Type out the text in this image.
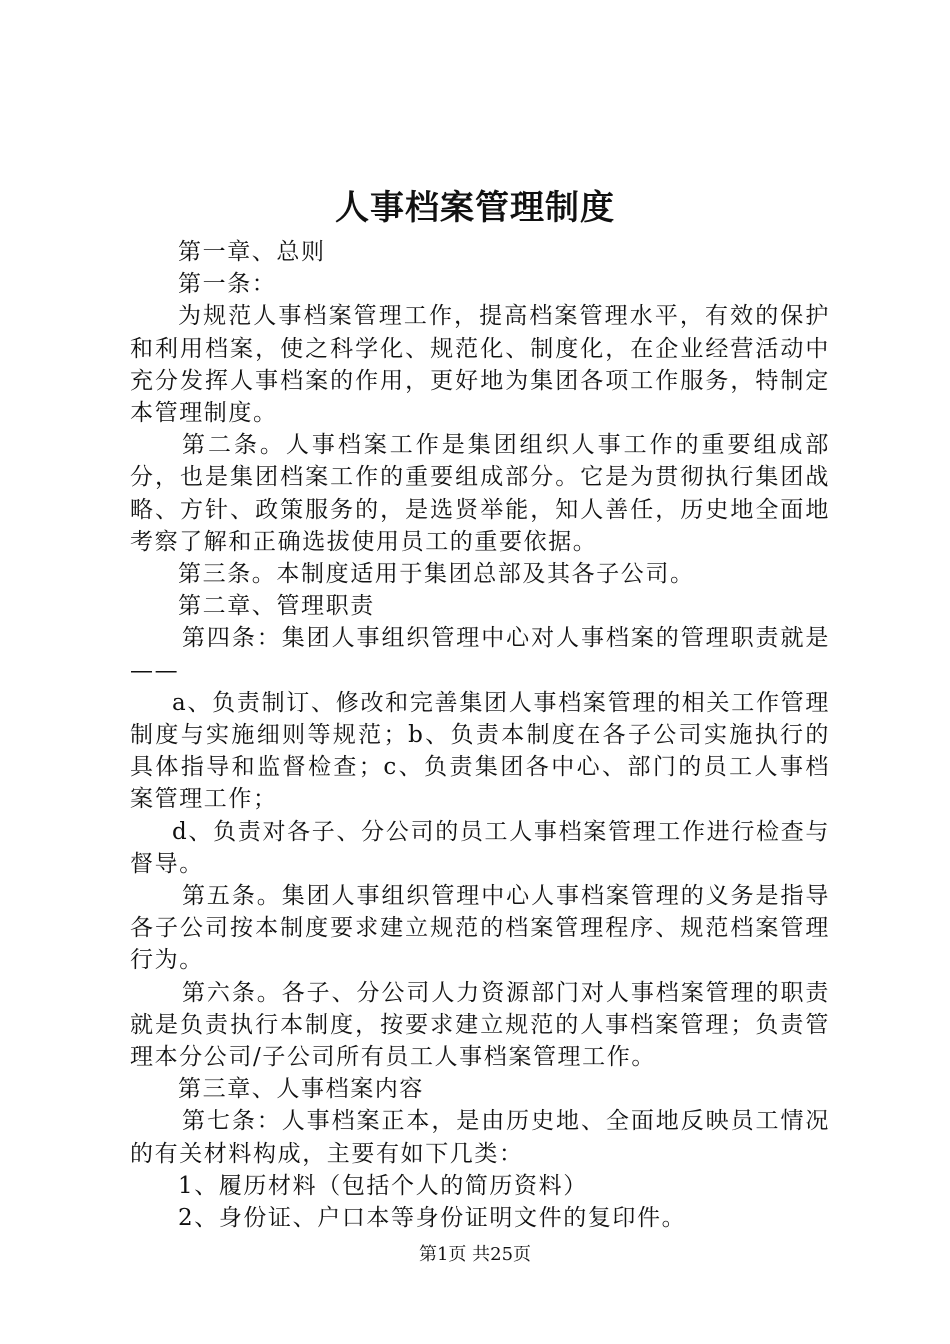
人事档案管理制度

第一章、总则

第一条：

为规范人事档案管理工作，提高档案管理水平，有效的保护和利用档案，使之科学化、规范化、制度化，在企业经营活动中充分发挥人事档案的作用，更好地为集团各项工作服务，特制定本管理制度。

第二条。人事档案工作是集团组织人事工作的重要组成部分，也是集团档案工作的重要组成部分。它是为贯彻执行集团战略、方针、政策服务的，是选贤举能，知人善任，历史地全面地考察了解和正确选拔使用员工的重要依据。

第三条。本制度适用于集团总部及其各子公司。

第二章、管理职责

第四条：集团人事组织管理中心对人事档案的管理职责就是——

a、负责制订、修改和完善集团人事档案管理的相关工作管理制度与实施细则等规范；b、负责本制度在各子公司实施执行的具体指导和监督检查；c、负责集团各中心、部门的员工人事档案管理工作；

d、负责对各子、分公司的员工人事档案管理工作进行检查与督导。

第五条。集团人事组织管理中心人事档案管理的义务是指导各子公司按本制度要求建立规范的档案管理程序、规范档案管理行为。

第六条。各子、分公司人力资源部门对人事档案管理的职责就是负责执行本制度，按要求建立规范的人事档案管理；负责管理本分公司/子公司所有员工人事档案管理工作。

第三章、人事档案内容

第七条：人事档案正本，是由历史地、全面地反映员工情况的有关材料构成，主要有如下几类：

1、履历材料（包括个人的简历资料）

2、身份证、户口本等身份证明文件的复印件。

第1页 共25页
